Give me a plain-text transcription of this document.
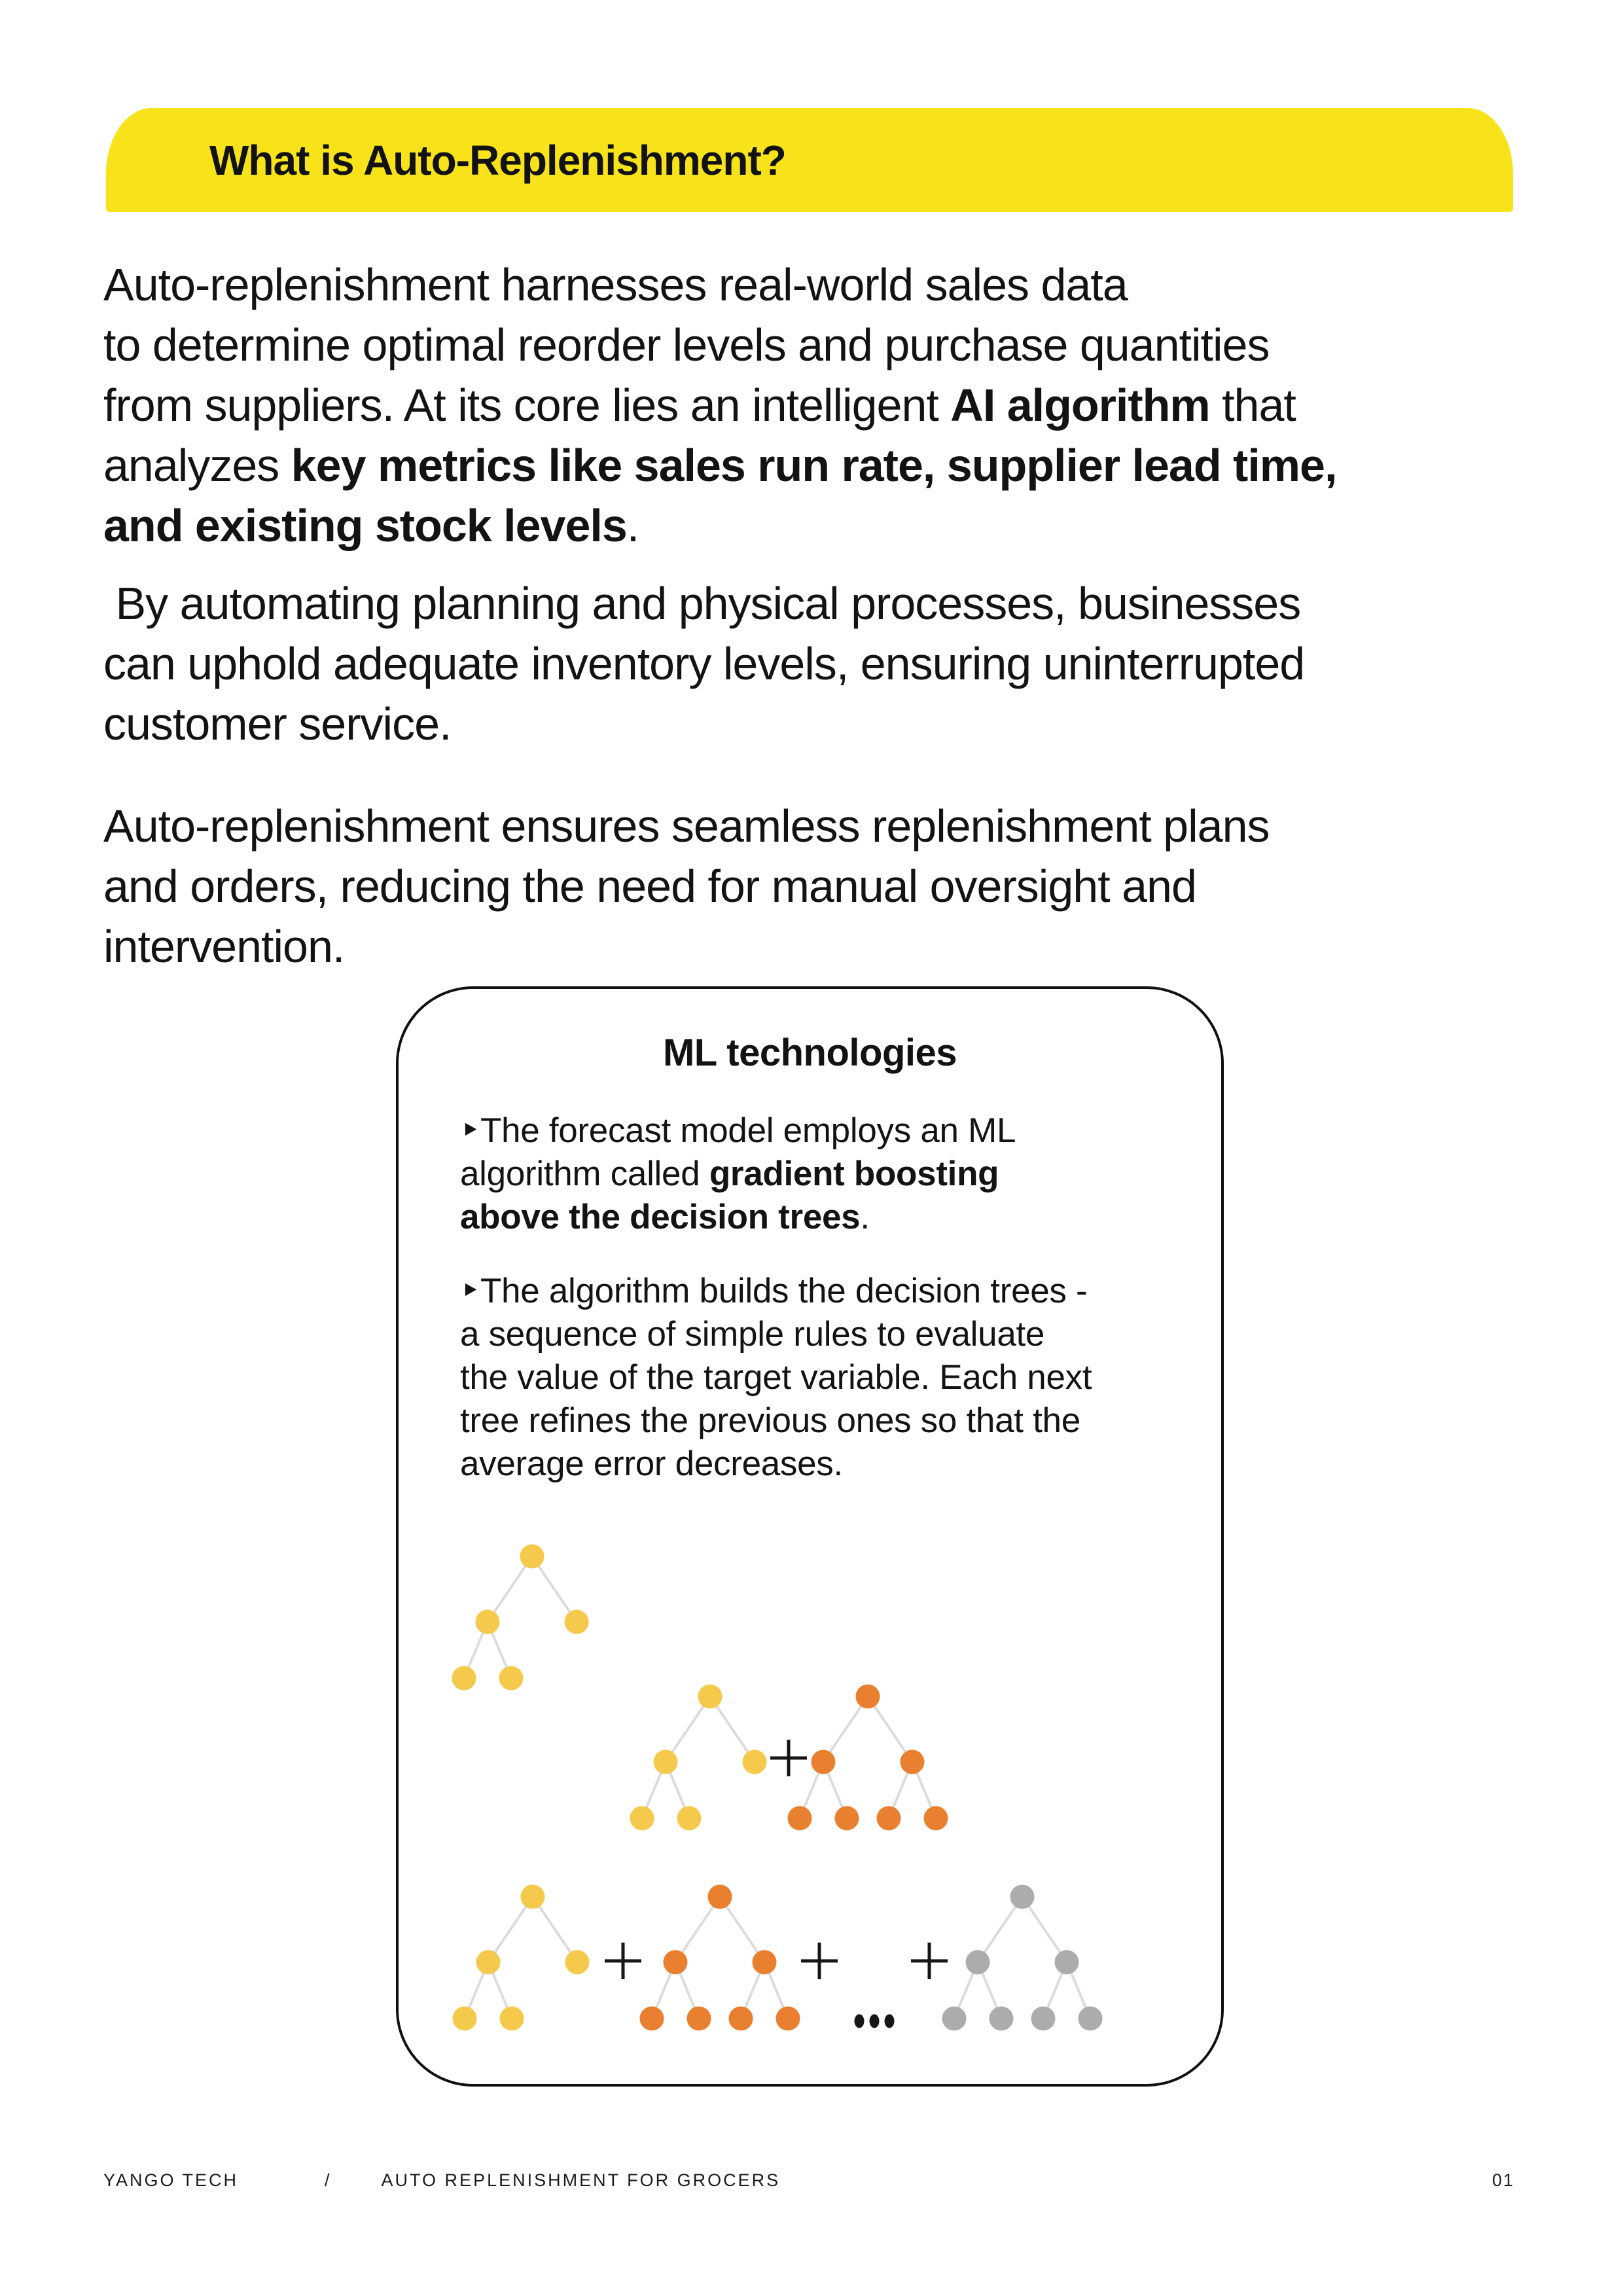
What is Auto-Replenishment?
Auto-replenishment harnesses real-world sales data
to determine optimal reorder levels and purchase quantities
from suppliers. At its core lies an intelligent AI algorithm that
analyzes key metrics like sales run rate, supplier lead time,
and existing stock levels.
By automating planning and physical processes, businesses
can uphold adequate inventory levels, ensuring uninterrupted
customer service.
Auto-replenishment ensures seamless replenishment plans
and orders, reducing the need for manual oversight and
intervention.
ML technologies
‣The forecast model employs an ML
algorithm called gradient boosting
above the decision trees.
‣The algorithm builds the decision trees -
a sequence of simple rules to evaluate
the value of the target variable. Each next
tree refines the previous ones so that the
average error decreases.
YANGO TECH	/	AUTO REPLENISHMENT FOR GROCERS	01
